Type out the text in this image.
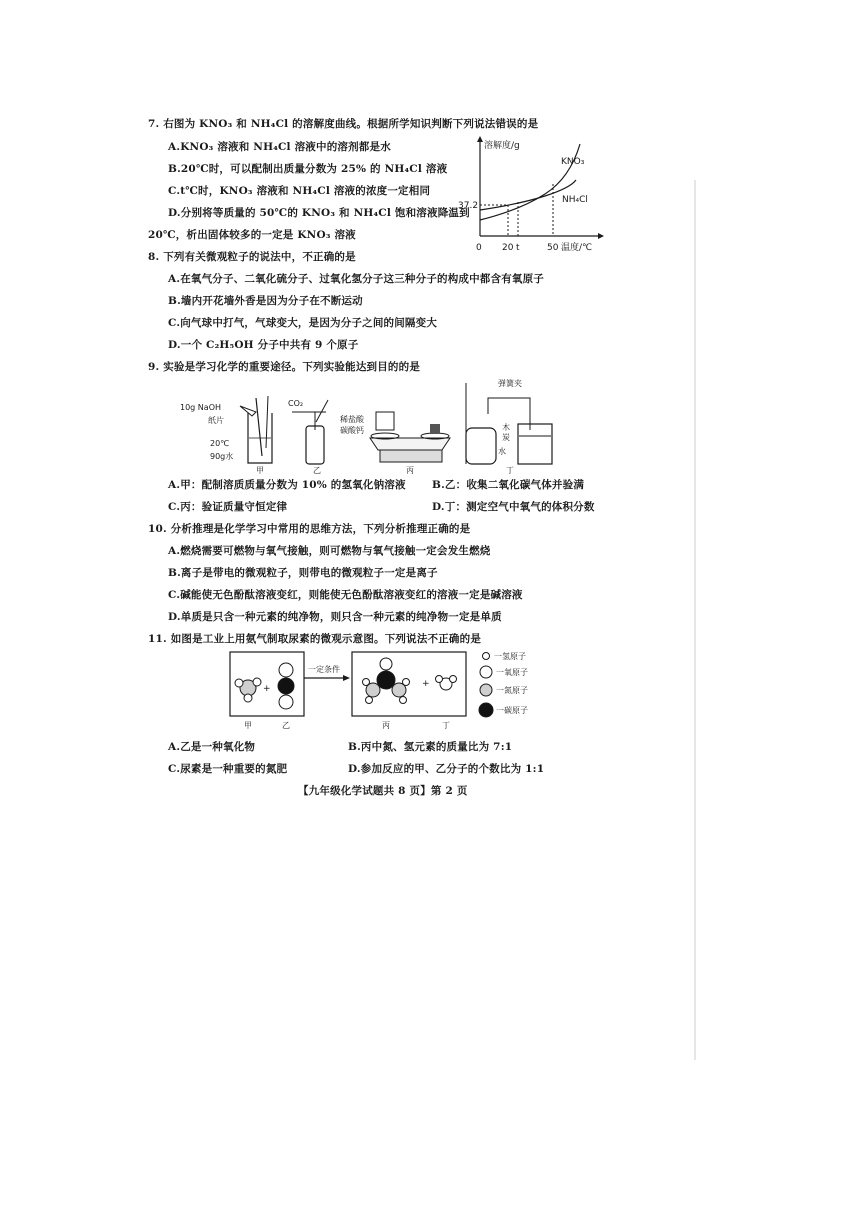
7. 右图为 KNO₃ 和 NH₄Cl 的溶解度曲线。根据所学知识判断下列说法错误的是
A.KNO₃ 溶液和 NH₄Cl 溶液中的溶剂都是水
B.20℃时，可以配制出质量分数为 25% 的 NH₄Cl 溶液
C.t℃时，KNO₃ 溶液和 NH₄Cl 溶液的浓度一定相同
D.分别将等质量的 50℃的 KNO₃ 和 NH₄Cl 饱和溶液降温到
20℃，析出固体较多的一定是 KNO₃ 溶液
溶解度/g
KNO₃
NH₄Cl
37.2
0 20 t	50 温度/℃
8. 下列有关微观粒子的说法中，不正确的是
A.在氧气分子、二氧化硫分子、过氧化氢分子这三种分子的构成中都含有氧原子
B.墙内开花墙外香是因为分子在不断运动
C.向气球中打气，气球变大，是因为分子之间的间隔变大
D.一个 C₂H₅OH 分子中共有 9 个原子
9. 实验是学习化学的重要途径。下列实验能达到目的的是
10g NaOH
纸片
20℃
90g水
甲
CO₂
乙
稀盐酸
碳酸钙
丙
弹簧夹
木
炭
水
丁
A.甲：配制溶质质量分数为 10% 的氢氧化钠溶液	B.乙：收集二氧化碳气体并验满
C.丙：验证质量守恒定律	D.丁：测定空气中氧气的体积分数
10. 分析推理是化学学习中常用的思维方法，下列分析推理正确的是
A.燃烧需要可燃物与氧气接触，则可燃物与氧气接触一定会发生燃烧
B.离子是带电的微观粒子，则带电的微观粒子一定是离子
C.碱能使无色酚酞溶液变红，则能使无色酚酞溶液变红的溶液一定是碱溶液
D.单质是只含一种元素的纯净物，则只含一种元素的纯净物一定是单质
11. 如图是工业上用氨气制取尿素的微观示意图。下列说法不正确的是
+
甲	乙
一定条件
+
丙	丁
一氢原子
一氧原子
一氮原子
一碳原子
A.乙是一种氧化物	B.丙中氮、氢元素的质量比为 7:1
C.尿素是一种重要的氮肥	D.参加反应的甲、乙分子的个数比为 1:1
【九年级化学试题共 8 页】第 2 页
